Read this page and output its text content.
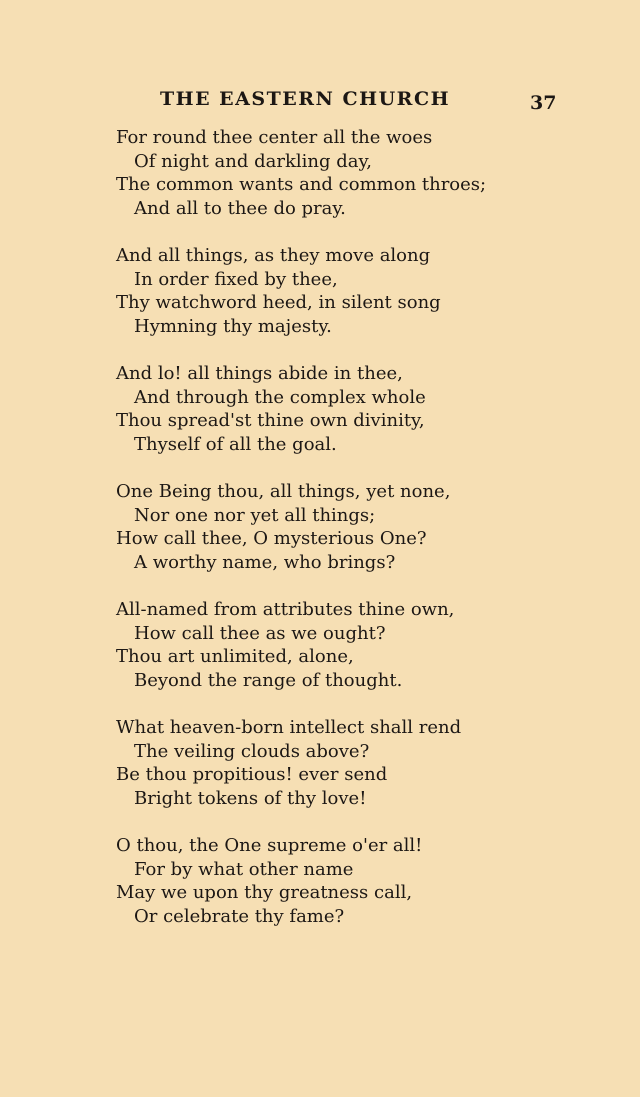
THE EASTERN CHURCH	37
For round thee center all the woes
Of night and darkling day,
The common wants and common throes;
And all to thee do pray.
And all things, as they move along
In order fixed by thee,
Thy watchword heed, in silent song
Hymning thy majesty.
And lo! all things abide in thee,
And through the complex whole
Thou spread'st thine own divinity,
Thyself of all the goal.
One Being thou, all things, yet none,
Nor one nor yet all things;
How call thee, O mysterious One?
A worthy name, who brings?
All-named from attributes thine own,
How call thee as we ought?
Thou art unlimited, alone,
Beyond the range of thought.
What heaven-born intellect shall rend
The veiling clouds above?
Be thou propitious! ever send
Bright tokens of thy love!
O thou, the One supreme o'er all!
For by what other name
May we upon thy greatness call,
Or celebrate thy fame?
